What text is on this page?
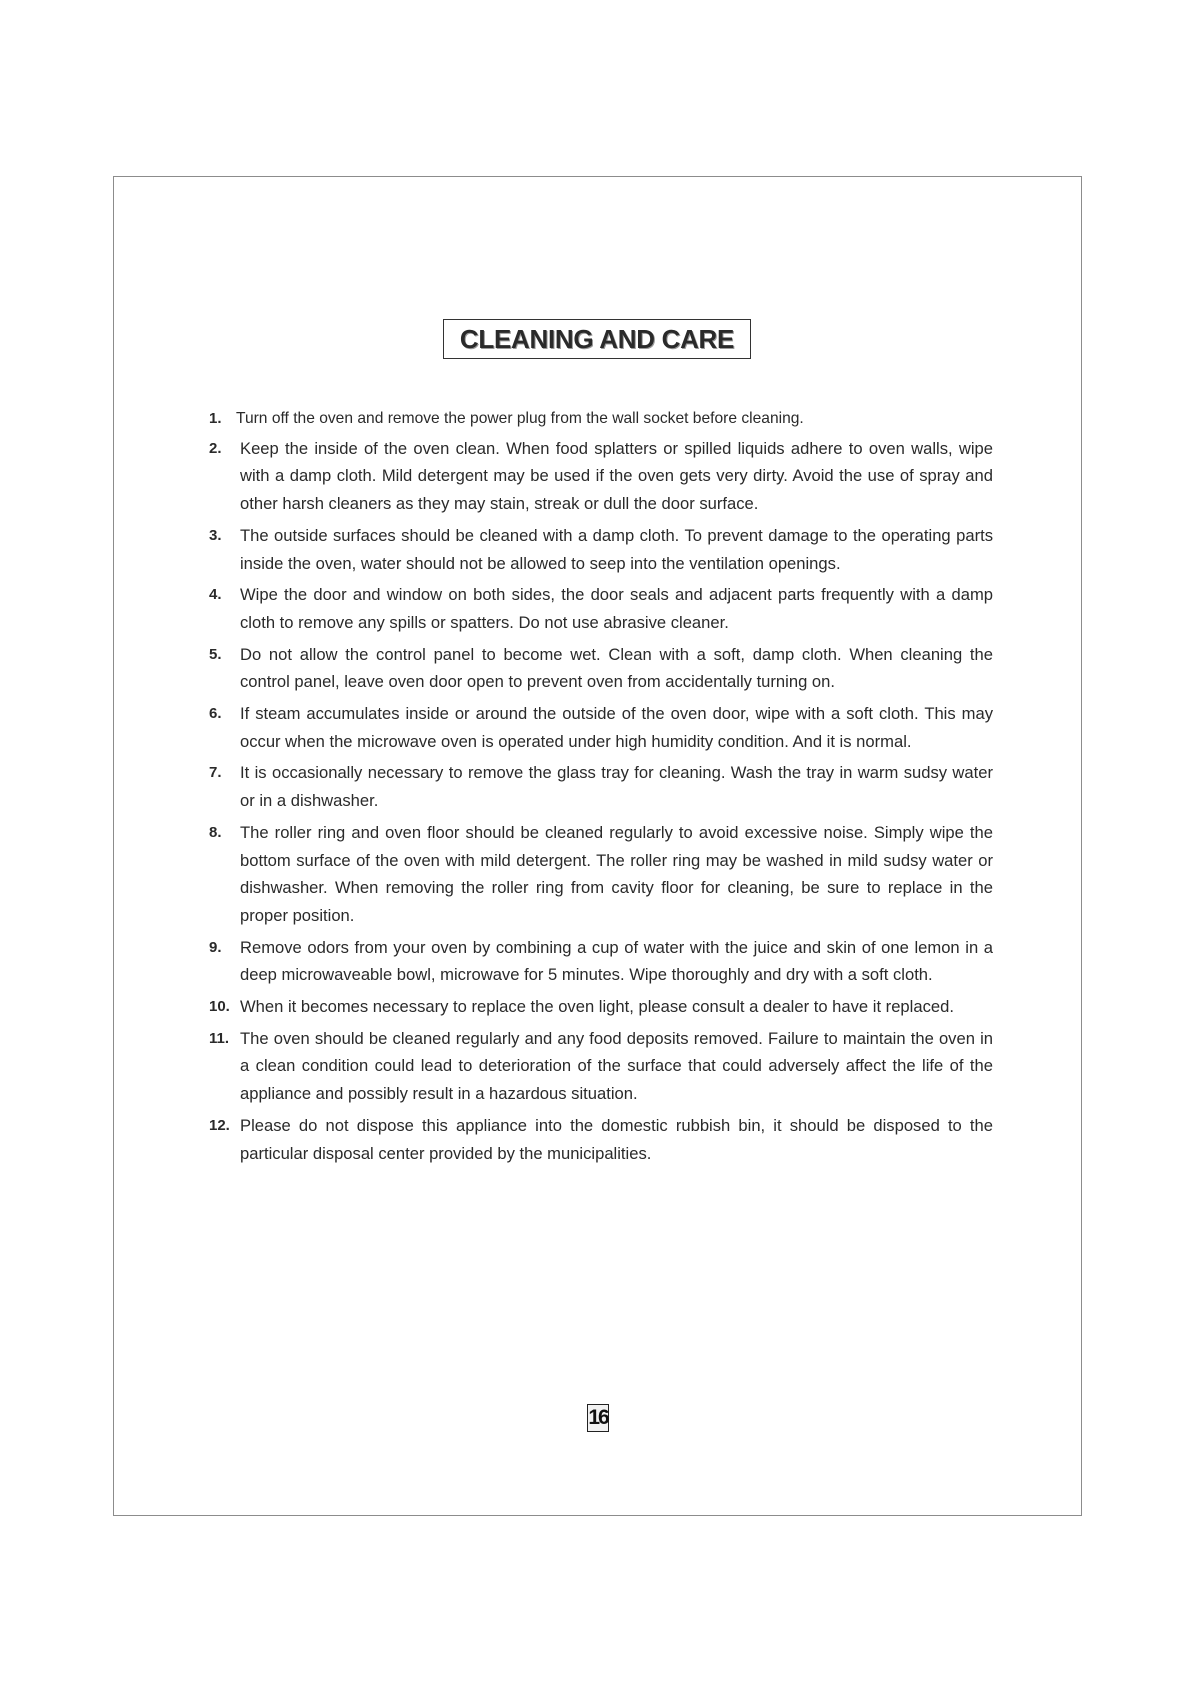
CLEANING AND CARE
1. Turn off the oven and remove the power plug from the wall socket before cleaning.
2. Keep the inside of the oven clean. When food splatters or spilled liquids adhere to oven walls, wipe with a damp cloth. Mild detergent may be used if the oven gets very dirty. Avoid the use of spray and other harsh cleaners as they may stain, streak or dull the door surface.
3. The outside surfaces should be cleaned with a damp cloth. To prevent damage to the operating parts inside the oven, water should not be allowed to seep into the ventilation openings.
4. Wipe the door and window on both sides, the door seals and adjacent parts frequently with a damp cloth to remove any spills or spatters. Do not use abrasive cleaner.
5. Do not allow the control panel to become wet. Clean with a soft, damp cloth. When cleaning the control panel, leave oven door open to prevent oven from accidentally turning on.
6. If steam accumulates inside or around the outside of the oven door, wipe with a soft cloth. This may occur when the microwave oven is operated under high humidity condition. And it is normal.
7. It is occasionally necessary to remove the glass tray for cleaning. Wash the tray in warm sudsy water or in a dishwasher.
8. The roller ring and oven floor should be cleaned regularly to avoid excessive noise. Simply wipe the bottom surface of the oven with mild detergent. The roller ring may be washed in mild sudsy water or dishwasher. When removing the roller ring from cavity floor for cleaning, be sure to replace in the proper position.
9. Remove odors from your oven by combining a cup of water with the juice and skin of one lemon in a deep microwaveable bowl, microwave for 5 minutes. Wipe thoroughly and dry with a soft cloth.
10. When it becomes necessary to replace the oven light, please consult a dealer to have it replaced.
11. The oven should be cleaned regularly and any food deposits removed. Failure to maintain the oven in a clean condition could lead to deterioration of the surface that could adversely affect the life of the appliance and possibly result in a hazardous situation.
12. Please do not dispose this appliance into the domestic rubbish bin, it should be disposed to the particular disposal center provided by the municipalities.
16
